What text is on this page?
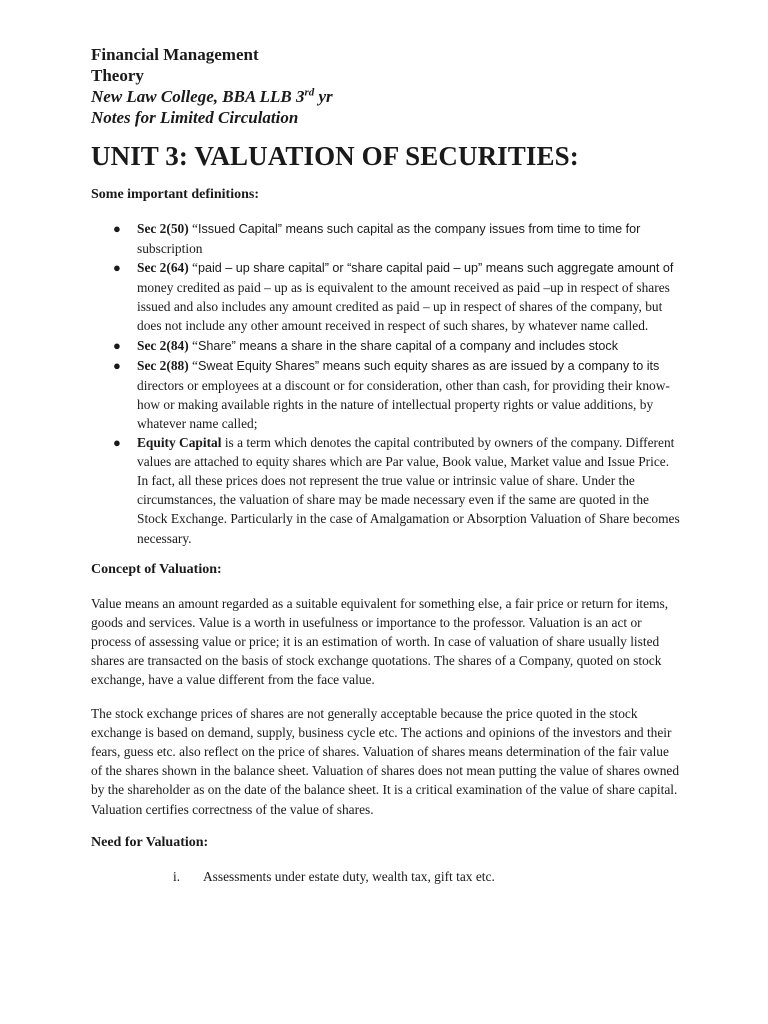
Financial Management

Theory

New Law College, BBA LLB 3rd yr

Notes for Limited Circulation

UNIT 3: VALUATION OF SECURITIES:
Some important definitions:
● Sec 2(50) “Issued Capital” means such capital as the company issues from time to time for subscription
● Sec 2(64) “paid – up share capital” or “share capital paid – up” means such aggregate amount of money credited as paid – up as is equivalent to the amount received as paid –up in respect of shares issued and also includes any amount credited as paid – up in respect of shares of the company, but does not include any other amount received in respect of such shares, by whatever name called.
● Sec 2(84) “Share” means a share in the share capital of a company and includes stock
● Sec 2(88) “Sweat Equity Shares” means such equity shares as are issued by a company to its directors or employees at a discount or for consideration, other than cash, for providing their know-how or making available rights in the nature of intellectual property rights or value additions, by whatever name called;
● Equity Capital is a term which denotes the capital contributed by owners of the company. Different values are attached to equity shares which are Par value, Book value, Market value and Issue Price. In fact, all these prices does not represent the true value or intrinsic value of share. Under the circumstances, the valuation of share may be made necessary even if the same are quoted in the Stock Exchange. Particularly in the case of Amalgamation or Absorption Valuation of Share becomes necessary.
Concept of Valuation:

Value means an amount regarded as a suitable equivalent for something else, a fair price or return for items, goods and services. Value is a worth in usefulness or importance to the professor. Valuation is an act or process of assessing value or price; it is an estimation of worth. In case of valuation of share usually listed shares are transacted on the basis of stock exchange quotations. The shares of a Company, quoted on stock exchange, have a value different from the face value.

The stock exchange prices of shares are not generally acceptable because the price quoted in the stock exchange is based on demand, supply, business cycle etc. The actions and opinions of the investors and their fears, guess etc. also reflect on the price of shares. Valuation of shares means determination of the fair value of the shares shown in the balance sheet. Valuation of shares does not mean putting the value of shares owned by the shareholder as on the date of the balance sheet. It is a critical examination of the value of share capital. Valuation certifies correctness of the value of shares.

Need for Valuation:
i. Assessments under estate duty, wealth tax, gift tax etc.
